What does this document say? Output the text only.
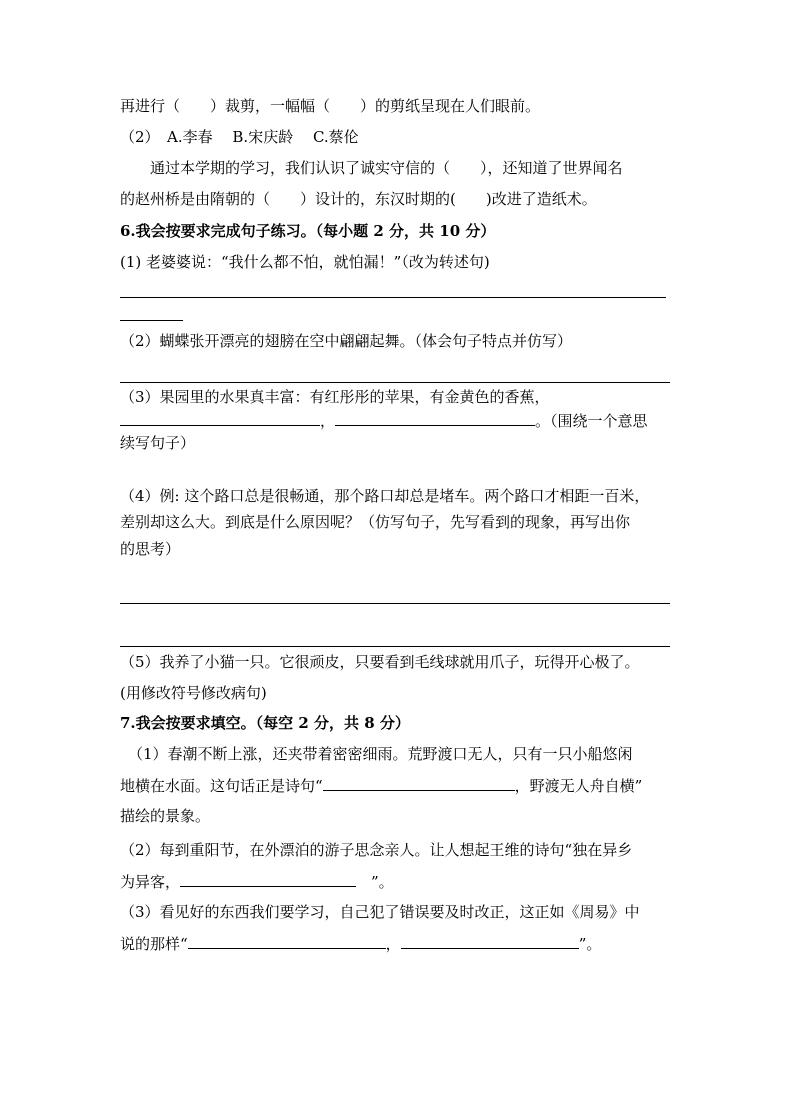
再进行（　　）裁剪，一幅幅（　　）的剪纸呈现在人们眼前。
（2）　A.李春　 B.宋庆龄　 C.蔡伦
通过本学期的学习，我们认识了诚实守信的（　　），还知道了世界闻名
的赵州桥是由隋朝的（　　）设计的，东汉时期的(　　)改进了造纸术。
6.我会按要求完成句子练习。（每小题 2 分，共 10 分）
(1) 老婆婆说：“我什么都不怕，就怕漏！”（改为转述句)
（2）蝴蝶张开漂亮的翅膀在空中翩翩起舞。（体会句子特点并仿写）
（3）果园里的水果真丰富：有红彤彤的苹果，有金黄色的香蕉，
，	。（围绕一个意思
续写句子）
（4）例: 这个路口总是很畅通，那个路口却总是堵车。两个路口才相距一百米，
差别却这么大。到底是什么原因呢？（仿写句子，先写看到的现象，再写出你
的思考）
（5）我养了小猫一只。它很顽皮，只要看到毛线球就用爪子，玩得开心极了。
(用修改符号修改病句)
7.我会按要求填空。（每空 2 分，共 8 分）
（1）春潮不断上涨，还夹带着密密细雨。荒野渡口无人，只有一只小船悠闲
地横在水面。这句话正是诗句“	，野渡无人舟自横”
描绘的景象。
（2）每到重阳节，在外漂泊的游子思念亲人。让人想起王维的诗句“独在异乡
为异客，	　”。
（3）看见好的东西我们要学习，自己犯了错误要及时改正，这正如《周易》中
说的那样“	，	”。
